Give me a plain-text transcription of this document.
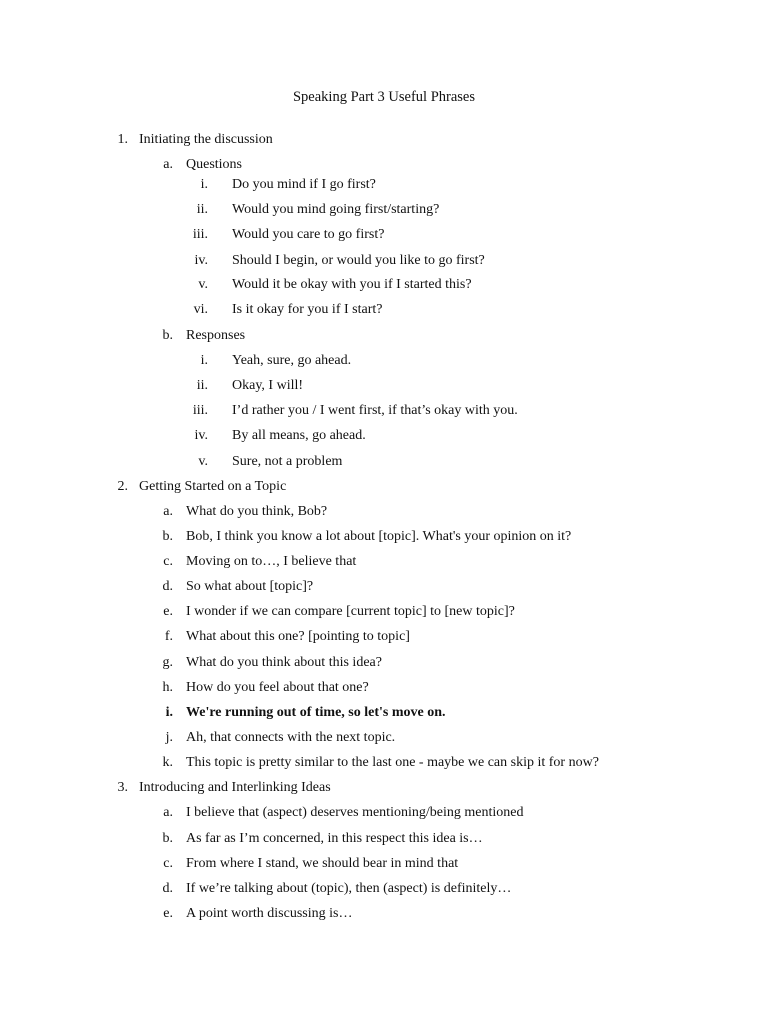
Speaking Part 3 Useful Phrases
1. Initiating the discussion
a. Questions
i. Do you mind if I go first?
ii. Would you mind going first/starting?
iii. Would you care to go first?
iv. Should I begin, or would you like to go first?
v. Would it be okay with you if I started this?
vi. Is it okay for you if I start?
b. Responses
i. Yeah, sure, go ahead.
ii. Okay, I will!
iii. I’d rather you / I went first, if that’s okay with you.
iv. By all means, go ahead.
v. Sure, not a problem
2. Getting Started on a Topic
a. What do you think, Bob?
b. Bob, I think you know a lot about [topic]. What's your opinion on it?
c. Moving on to…, I believe that
d. So what about [topic]?
e. I wonder if we can compare [current topic] to [new topic]?
f. What about this one? [pointing to topic]
g. What do you think about this idea?
h. How do you feel about that one?
i. We're running out of time, so let's move on.
j. Ah, that connects with the next topic.
k. This topic is pretty similar to the last one - maybe we can skip it for now?
3. Introducing and Interlinking Ideas
a. I believe that (aspect) deserves mentioning/being mentioned
b. As far as I’m concerned, in this respect this idea is…
c. From where I stand, we should bear in mind that
d. If we’re talking about (topic), then (aspect) is definitely…
e. A point worth discussing is…
